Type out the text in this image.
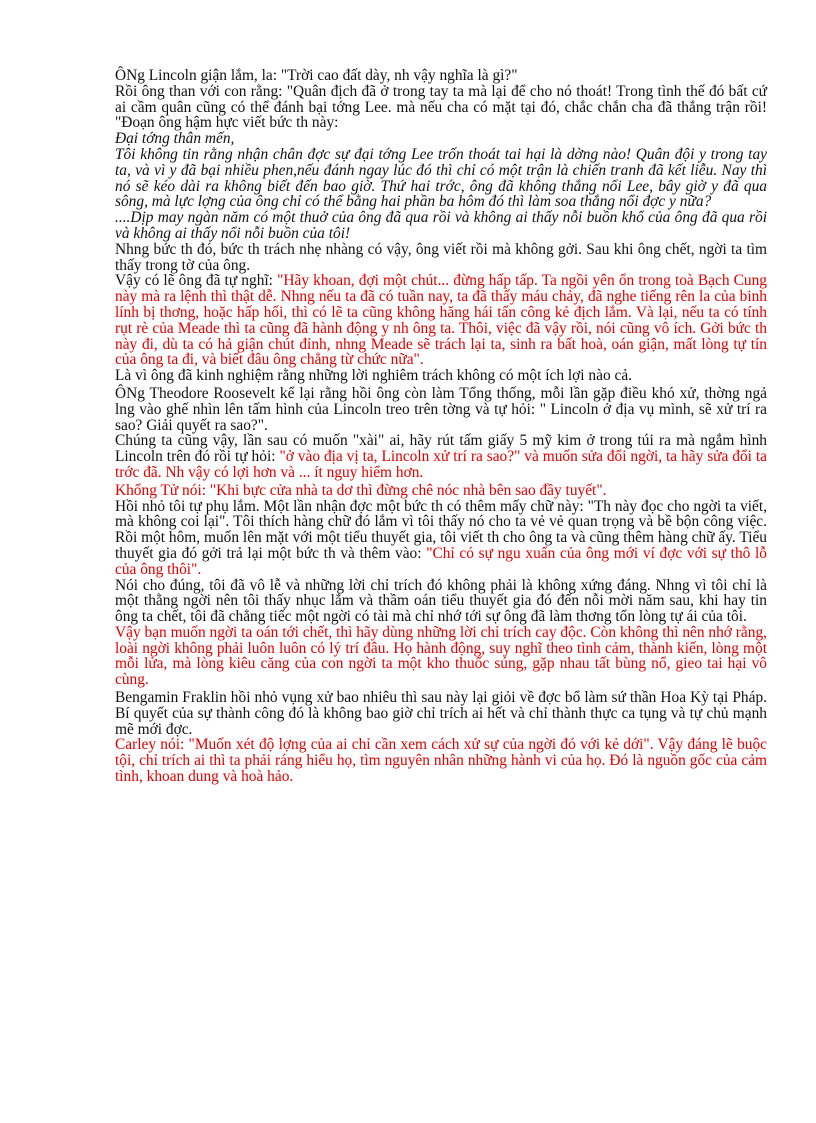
ÔNg Lincoln giận lắm, la: "Trời cao đất dày, nh vậy nghĩa là gì?"

Rồi ông than với con rằng: "Quân địch đã ở trong tay ta mà lại để cho nó thoát! Trong tình thế đó bất cứ ai cầm quân cũng có thể đánh bại tớng Lee. mà nếu cha có mặt tại đó, chắc chắn cha đã thắng trận rồi! "Đoạn ông hậm hực viết bức th này:

Đại tớng thân mến,

Tôi không tin rằng nhận chân đợc sự đại tớng Lee trốn thoát tai hại là dờng nào! Quân đội y trong tay ta, và vì y đã bại nhiều phen,nếu đánh ngay lúc đó thì chỉ có một trận là chiến tranh đã kết liễu. Nay thì nó sẽ kéo dài ra không biết đến bao giờ. Thứ hai trớc, ông đã không thắng nổi Lee, bây giờ y đã qua sông, mà lực lợng của ông chỉ có thể bằng hai phần ba hôm đó thì làm soa thắng nổi đợc y nữa?

....Dịp may ngàn năm có một thuở của ông đã qua rồi và không ai thấy nỗi buồn khổ của ông đã qua rồi và không ai thấy nổi nỗi buồn của tôi!

Nhng bức th đó, bức th trách nhẹ nhàng có vậy, ông viết rồi mà không gởi. Sau khi ông chết, ngời ta tìm thấy trong tờ của ông.

Vậy có lẽ ông đã tự nghĩ: "Hãy khoan, đợi một chút... đừng hấp tấp. Ta ngồi yên ổn trong toà Bạch Cung này mà ra lệnh thì thật dễ. Nhng nếu ta đã có tuần nay, ta đã thấy máu chảy, đã nghe tiếng rên la của binh lính bị thơng, hoặc hấp hối, thì có lẽ ta cũng không hăng hái tấn công kẻ địch lắm. Và lại, nếu ta có tính rụt rè của Meade thì ta cũng đã hành động y nh ông ta. Thôi, việc đã vậy rồi, nói cũng vô ích. Gởi bức th này đi, dù ta có hả giận chút đỉnh, nhng Meade sẽ trách lại ta, sinh ra bất hoà, oán giận, mất lòng tự tín của ông ta đi, và biết đâu ông chẳng từ chức nữa".

Là vì ông đã kinh nghiệm rằng những lời nghiêm trách không có một ích lợi nào cả.

ÔNg Theodore Roosevelt kể lại rằng hồi ông còn làm Tổng thống, mỗi lần gặp điều khó xử, thờng ngả lng vào ghế nhìn lên tấm hình của Lincoln treo trên tờng và tự hỏi: " Lincoln ở địa vụ mình, sẽ xử trí ra sao? Giải quyết ra sao?".

Chúng ta cũng vậy, lần sau có muốn "xài" ai, hãy rút tấm giấy 5 mỹ kim ở trong túi ra mà ngắm hình Lincoln trên đó rồi tự hỏi: "ở vào địa vị ta, Lincoln xử trí ra sao?" và muốn sửa đổi ngời, ta hãy sửa đổi ta trớc đã. Nh vậy có lợi hơn và ... ít nguy hiểm hơn.

Khổng Tử nói: "Khi bực cửa nhà ta dơ thì đừng chê nóc nhà bên sao đầy tuyết".

Hồi nhỏ tôi tự phụ lắm. Một lần nhận đợc một bức th có thêm mấy chữ này: "Th này đọc cho ngời ta viết, mà không coi lại". Tôi thích hàng chữ đó lắm vì tôi thấy nó cho ta vẻ vẻ quan trọng và bề bộn công việc. Rồi một hôm, muốn lên mặt với một tiểu thuyết gia, tôi viết th cho ông ta và cũng thêm hàng chữ ấy. Tiểu thuyết gia đó gởi trả lại một bức th và thêm vào: "Chỉ có sự ngu xuẩn của ông mới ví đợc với sự thô lỗ của ông thôi".

Nói cho đúng, tôi đã vô lễ và những lời chỉ trích đó không phải là không xứng đáng. Nhng vì tôi chỉ là một thằng ngời nên tôi thấy nhục lắm và thầm oán tiểu thuyết gia đó đến nỗi mời năm sau, khi hay tin ông ta chết, tôi đã chẳng tiếc một ngời có tài mà chỉ nhớ tới sự ông đã làm thơng tổn lòng tự ái của tôi.

Vậy bạn muốn ngời ta oán tới chết, thì hãy dùng những lời chỉ trích cay độc. Còn không thì nên nhớ rằng, loài ngời không phải luôn luôn có lý trí đâu. Họ hành động, suy nghĩ theo tình cảm, thành kiến, lòng một mỗi lửa, mà lòng kiêu căng của con ngời ta một kho thuốc súng, gặp nhau tất bùng nổ, gieo tai hại vô cùng.

Bengamin Fraklin hồi nhỏ vụng xử bao nhiêu thì sau này lại giỏi về đợc bổ làm sứ thần Hoa Kỳ tại Pháp. Bí quyết của sự thành công đó là không bao giờ chỉ trích ai hết và chỉ thành thực ca tụng và tự chủ mạnh mẽ mới đợc.

Carley nói: "Muốn xét độ lợng của ai chỉ cần xem cách xử sự của ngời đó với kẻ dới". Vậy đáng lẽ buộc tội, chỉ trích ai thì ta phải ráng hiểu họ, tìm nguyên nhân những hành vi của họ. Đó là nguồn gốc của cảm tình, khoan dung và hoà hảo.
